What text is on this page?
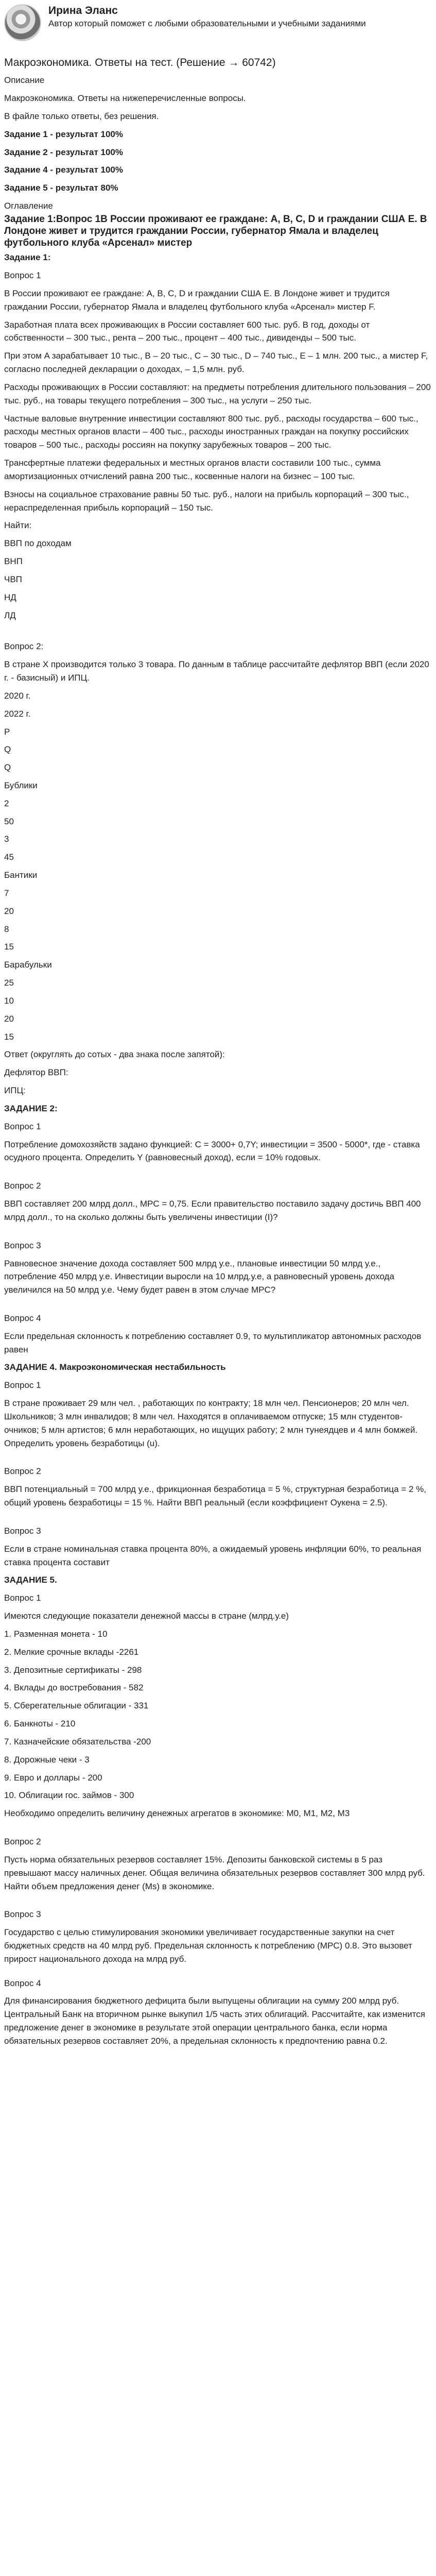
Ирина Эланс
Автор который поможет с любыми образовательными и учебными заданиями
Макроэкономика. Ответы на тест. (Решение → 60742)

Описание

Макроэкономика. Ответы на нижеперечисленные вопросы.

В файле только ответы, без решения.

Задание 1 - результат 100%

Задание 2 - результат 100%

Задание 4 - результат 100%

Задание 5 - результат 80%

Оглавление

Задание 1:Вопрос 1В России проживают ее граждане: A, B, C, D и граждании США E. В Лондоне живет и трудится граждании России, губернатор Ямала и владелец футбольного клуба «Арсенал» мистер

Задание 1:

Вопрос 1

В России проживают ее граждане: A, B, C, D и граждании США E. В Лондоне живет и трудится граждании России, губернатор Ямала и владелец футбольного клуба «Арсенал» мистер F.

Заработная плата всех проживающих в России составляет 600 тыс. руб. В год, доходы от собственности – 300 тыс., рента – 200 тыс., процент – 400 тыс., дивиденды – 500 тыс.

При этом A зарабатывает 10 тыс., B – 20 тыс., C – 30 тыс., D – 740 тыс., E – 1 млн. 200 тыс., а мистер F, согласно последней декларации о доходах, – 1,5 млн. руб.

Расходы проживающих в России составляют: на предметы потребления длительного пользования – 200 тыс. руб., на товары текущего потребления – 300 тыс., на услуги – 250 тыс.

Частные валовые внутренние инвестиции составляют 800 тыс. руб., расходы государства – 600 тыс., расходы местных органов власти – 400 тыс., расходы иностранных граждан на покупку российских товаров – 500 тыс., расходы россиян на покупку зарубежных товаров – 200 тыс.

Трансфертные платежи федеральных и местных органов власти составили 100 тыс., сумма амортизационных отчислений равна 200 тыс., косвенные налоги на бизнес – 100 тыс.

Взносы на социальное страхование равны 50 тыс. руб., налоги на прибыль корпораций – 300 тыс., нераспределенная прибыль корпораций – 150 тыс.

Найти:

ВВП по доходам

ВНП

ЧВП

НД

ЛД

Вопрос 2:

В стране X производится только 3 товара. По данным в таблице рассчитайте дефлятор ВВП (если 2020 г. - базисный) и ИПЦ.

2020 г.

2022 г.

P

Q

Q

Бублики

2

50

3

45

Бантики

7

20

8

15

Барабульки

25

10

20

15

Ответ (округлять до сотых - два знака после запятой):

Дефлятор ВВП:

ИПЦ:

ЗАДАНИЕ 2:

Вопрос 1

Потребление домохозяйств задано функцией: C = 3000+ 0,7Y; инвестиции = 3500 - 5000*, где - ставка осудного процента. Определить Y (равновесный доход), если = 10% годовых.

Вопрос 2

ВВП составляет 200 млрд долл., MPC = 0,75. Если правительство поставило задачу достичь ВВП 400 млрд долл., то на сколько должны быть увеличены инвестиции (I)?

Вопрос 3

Равновесное значение дохода составляет 500 млрд у.е., плановые инвестиции 50 млрд у.е., потребление 450 млрд у.е. Инвестиции выросли на 10 млрд.у.е, а равновесный уровень дохода увеличился на 50 млрд у.е. Чему будет равен в этом случае MPC?

Вопрос 4

Если предельная склонность к потреблению составляет 0.9, то мультипликатор автономных расходов равен

ЗАДАНИЕ 4. Макроэкономическая нестабильность

Вопрос 1

В стране проживает 29 млн чел. , работающих по контракту; 18 млн чел. Пенсионеров; 20 млн чел. Школьников; 3 млн инвалидов; 8 млн чел. Находятся в оплачиваемом отпуске; 15 млн студентов-очников; 5 млн артистов; 6 млн неработающих, но ищущих работу; 2 млн тунеядцев и 4 млн бомжей. Определить уровень безработицы (u).

Вопрос 2

ВВП потенциальный = 700 млрд у.е., фрикционная безработица = 5 %, структурная безработица = 2 %, общий уровень безработицы = 15 %. Найти ВВП реальный (если коэффициент Оукена = 2.5).

Вопрос 3

Если в стране номинальная ставка процента 80%, а ожидаемый уровень инфляции 60%, то реальная ставка процента составит

ЗАДАНИЕ 5.

Вопрос 1

Имеются следующие показатели денежной массы в стране (млрд.у.е)

1. Разменная монета - 10

2. Мелкие срочные вклады -2261

3. Депозитные сертификаты - 298

4. Вклады до востребования - 582

5. Сберегательные облигации - 331

6. Банкноты - 210

7. Казначейские обязательства -200

8. Дорожные чеки - 3

9. Евро и доллары - 200

10. Облигации гос. займов - 300

Необходимо определить величину денежных агрегатов в экономике: М0, М1, М2, М3

Вопрос 2

Пусть норма обязательных резервов составляет 15%. Депозиты банковской системы в 5 раз превышают массу наличных денег. Общая величина обязательных резервов составляет 300 млрд руб. Найти объем предложения денег (Ms) в экономике.

Вопрос 3

Государство с целью стимулирования экономики увеличивает государственные закупки на счет бюджетных средств на 40 млрд руб. Предельная склонность к потреблению (MPC) 0.8. Это вызовет прирост национального дохода на млрд руб.

Вопрос 4

Для финансирования бюджетного дефицита были выпущены облигации на сумму 200 млрд руб. Центральный Банк на вторичном рынке выкупил 1/5 часть этих облигаций. Рассчитайте, как изменится предложение денег в экономике в результате этой операции центрального банка, если норма обязательных резервов составляет 20%, а предельная склонность к предпочтению равна 0.2.
